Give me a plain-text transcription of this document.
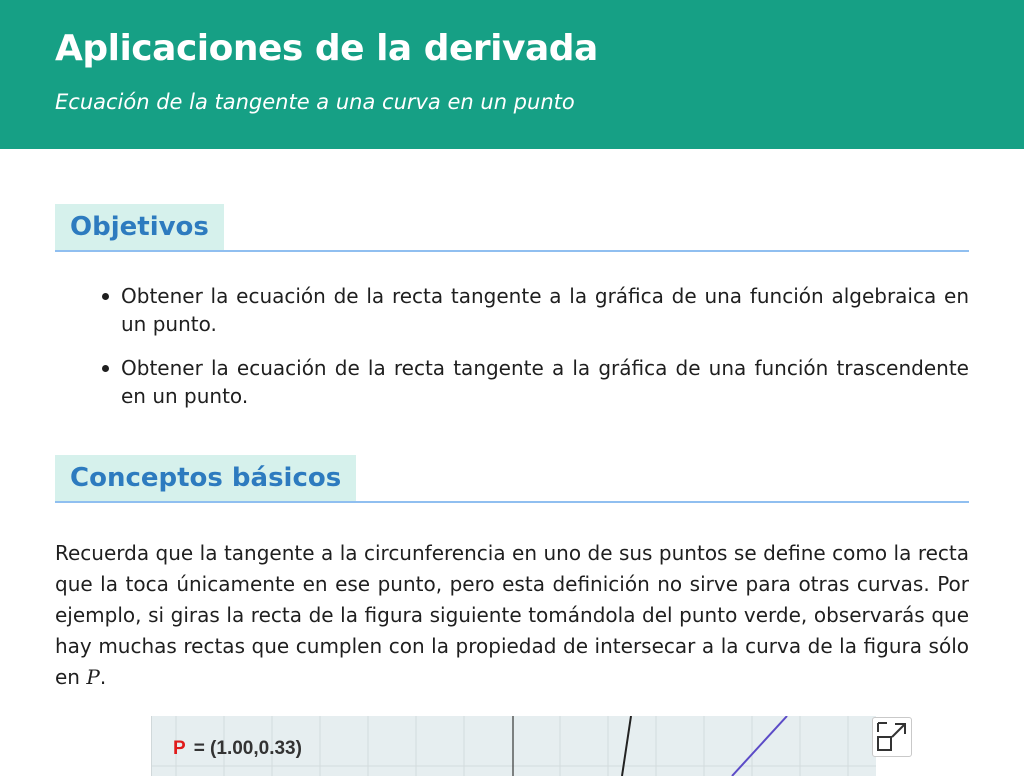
Aplicaciones de la derivada
Ecuación de la tangente a una curva en un punto
Objetivos
Obtener la ecuación de la recta tangente a la gráfica de una función algebraica en un punto.
Obtener la ecuación de la recta tangente a la gráfica de una función trascendente en un punto.
Conceptos básicos

Recuerda que la tangente a la circunferencia en uno de sus puntos se define como la recta que la toca únicamente en ese punto, pero esta definición no sirve para otras curvas. Por ejemplo, si giras la recta de la figura siguiente tomándola del punto verde, observarás que hay muchas rectas que cumplen con la propiedad de intersecar a la curva de la figura sólo en P.

P = (1.00,0.33)
